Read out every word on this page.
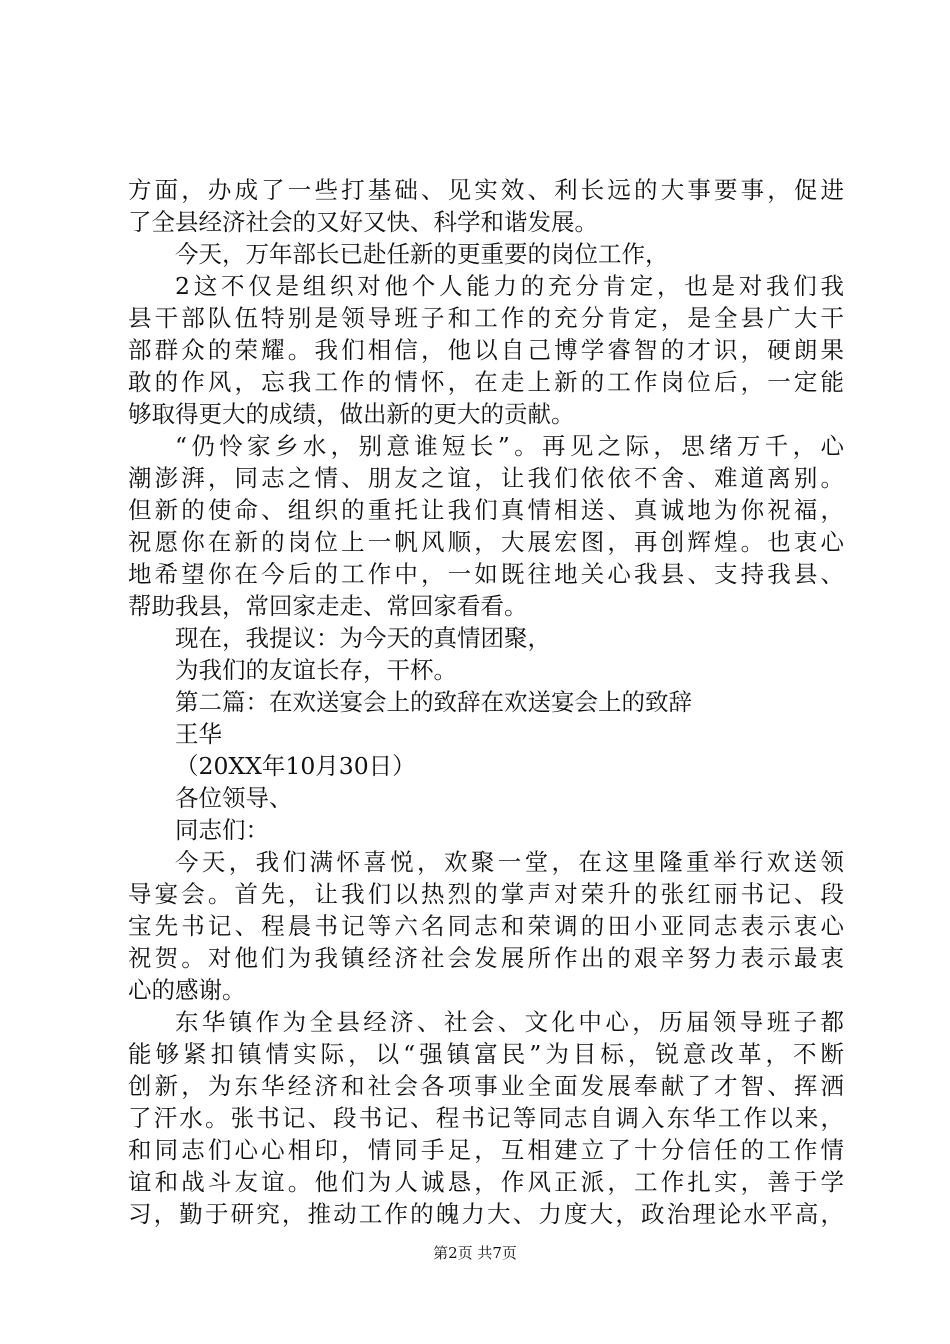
方面，办成了一些打基础、见实效、利长远的大事要事，促进
了全县经济社会的又好又快、科学和谐发展。
今天，万年部长已赴任新的更重要的岗位工作，
2这不仅是组织对他个人能力的充分肯定，也是对我们我
县干部队伍特别是领导班子和工作的充分肯定，是全县广大干
部群众的荣耀。我们相信，他以自己博学睿智的才识，硬朗果
敢的作风，忘我工作的情怀，在走上新的工作岗位后，一定能
够取得更大的成绩，做出新的更大的贡献。
“仍怜家乡水，别意谁短长”。再见之际，思绪万千，心
潮澎湃，同志之情、朋友之谊，让我们依依不舍、难道离别。
但新的使命、组织的重托让我们真情相送、真诚地为你祝福，
祝愿你在新的岗位上一帆风顺，大展宏图，再创辉煌。也衷心
地希望你在今后的工作中，一如既往地关心我县、支持我县、
帮助我县，常回家走走、常回家看看。
现在，我提议：为今天的真情团聚，
为我们的友谊长存，干杯。
第二篇：在欢送宴会上的致辞在欢送宴会上的致辞
王华
（20XX年10月30日）
各位领导、
同志们：
今天，我们满怀喜悦，欢聚一堂，在这里隆重举行欢送领
导宴会。首先，让我们以热烈的掌声对荣升的张红丽书记、段
宝先书记、程晨书记等六名同志和荣调的田小亚同志表示衷心
祝贺。对他们为我镇经济社会发展所作出的艰辛努力表示最衷
心的感谢。
东华镇作为全县经济、社会、文化中心，历届领导班子都
能够紧扣镇情实际，以“强镇富民”为目标，锐意改革，不断
创新，为东华经济和社会各项事业全面发展奉献了才智、挥洒
了汗水。张书记、段书记、程书记等同志自调入东华工作以来，
和同志们心心相印，情同手足，互相建立了十分信任的工作情
谊和战斗友谊。他们为人诚恳，作风正派，工作扎实，善于学
习，勤于研究，推动工作的魄力大、力度大，政治理论水平高，
第2页 共7页
